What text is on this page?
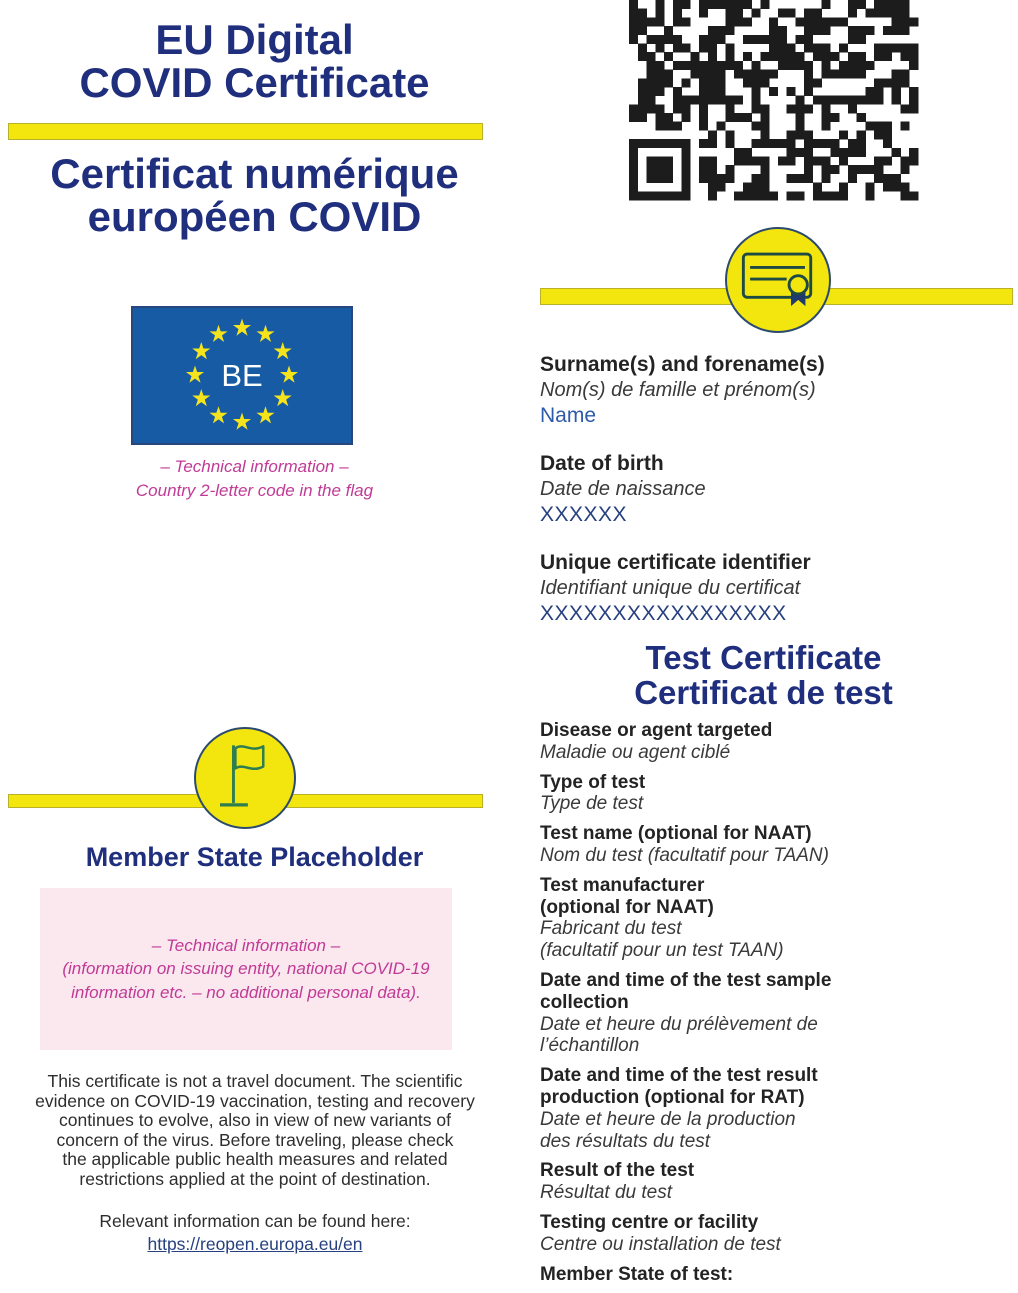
EU Digital
COVID Certificate
Certificat numérique
européen COVID
BE
– Technical information –
Country 2-letter code in the flag
Member State Placeholder
– Technical information –
(information on issuing entity, national COVID-19
information etc. – no additional personal data).
This certificate is not a travel document. The scientific
evidence on COVID-19 vaccination, testing and recovery
continues to evolve, also in view of new variants of
concern of the virus. Before traveling, please check
the applicable public health measures and related
restrictions applied at the point of destination.
Relevant information can be found here:
https://reopen.europa.eu/en
Surname(s) and forename(s)
Nom(s) de famille et prénom(s)
Name
Date of birth
Date de naissance
XXXXXX
Unique certificate identifier
Identifiant unique du certificat
XXXXXXXXXXXXXXXXX
Test Certificate
Certificat de test
Disease or agent targeted
Maladie ou agent ciblé
Type of test
Type de test
Test name (optional for NAAT)
Nom du test (facultatif pour TAAN)
Test manufacturer
(optional for NAAT)
Fabricant du test
(facultatif pour un test TAAN)
Date and time of the test sample
collection
Date et heure du prélèvement de
l’échantillon
Date and time of the test result
production (optional for RAT)
Date et heure de la production
des résultats du test
Result of the test
Résultat du test
Testing centre or facility
Centre ou installation de test
Member State of test:
